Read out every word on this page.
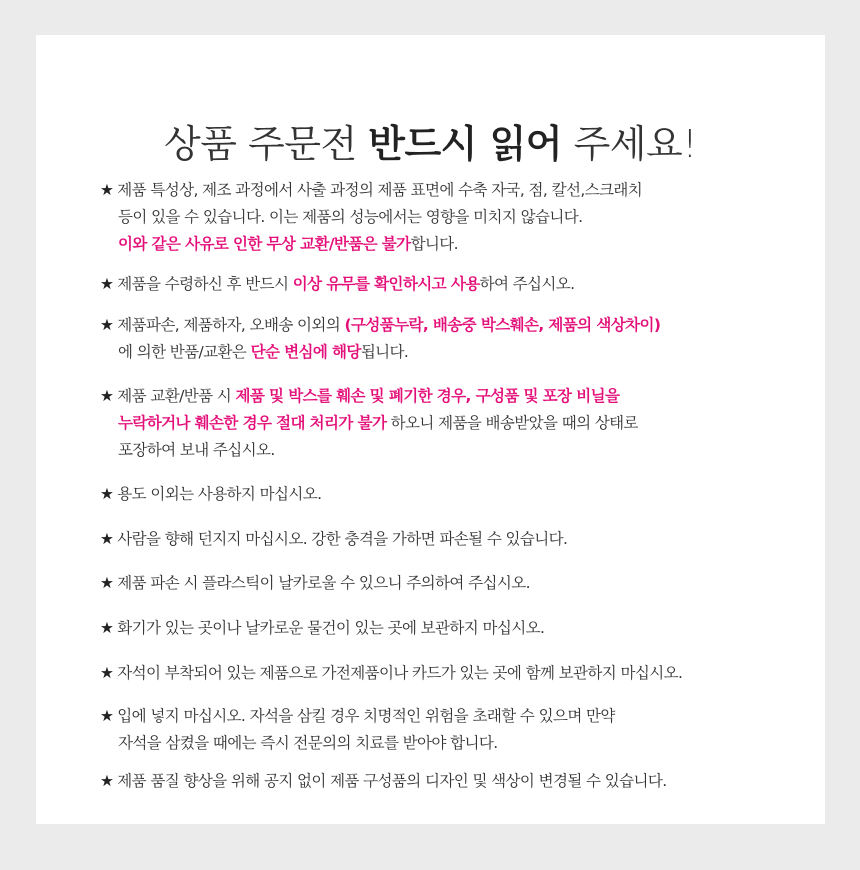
상품 주문전 반드시 읽어 주세요!
★ 제품 특성상, 제조 과정에서 사출 과정의 제품 표면에 수축 자국, 점, 칼선,스크래치
등이 있을 수 있습니다. 이는 제품의 성능에서는 영향을 미치지 않습니다.
이와 같은 사유로 인한 무상 교환/반품은 불가합니다.
★ 제품을 수령하신 후 반드시 이상 유무를 확인하시고 사용하여 주십시오.
★ 제품파손, 제품하자, 오배송 이외의 (구성품누락, 배송중 박스훼손, 제품의 색상차이)
에 의한 반품/교환은 단순 변심에 해당됩니다.
★ 제품 교환/반품 시 제품 및 박스를 훼손 및 폐기한 경우, 구성품 및 포장 비닐을
누락하거나 훼손한 경우 절대 처리가 불가 하오니 제품을 배송받았을 때의 상태로
포장하여 보내 주십시오.
★ 용도 이외는 사용하지 마십시오.
★ 사람을 향해 던지지 마십시오. 강한 충격을 가하면 파손될 수 있습니다.
★ 제품 파손 시 플라스틱이 날카로울 수 있으니 주의하여 주십시오.
★ 화기가 있는 곳이나 날카로운 물건이 있는 곳에 보관하지 마십시오.
★ 자석이 부착되어 있는 제품으로 가전제품이나 카드가 있는 곳에 함께 보관하지 마십시오.
★ 입에 넣지 마십시오. 자석을 삼킬 경우 치명적인 위험을 초래할 수 있으며 만약
자석을 삼켰을 때에는 즉시 전문의의 치료를 받아야 합니다.
★ 제품 품질 향상을 위해 공지 없이 제품 구성품의 디자인 및 색상이 변경될 수 있습니다.
